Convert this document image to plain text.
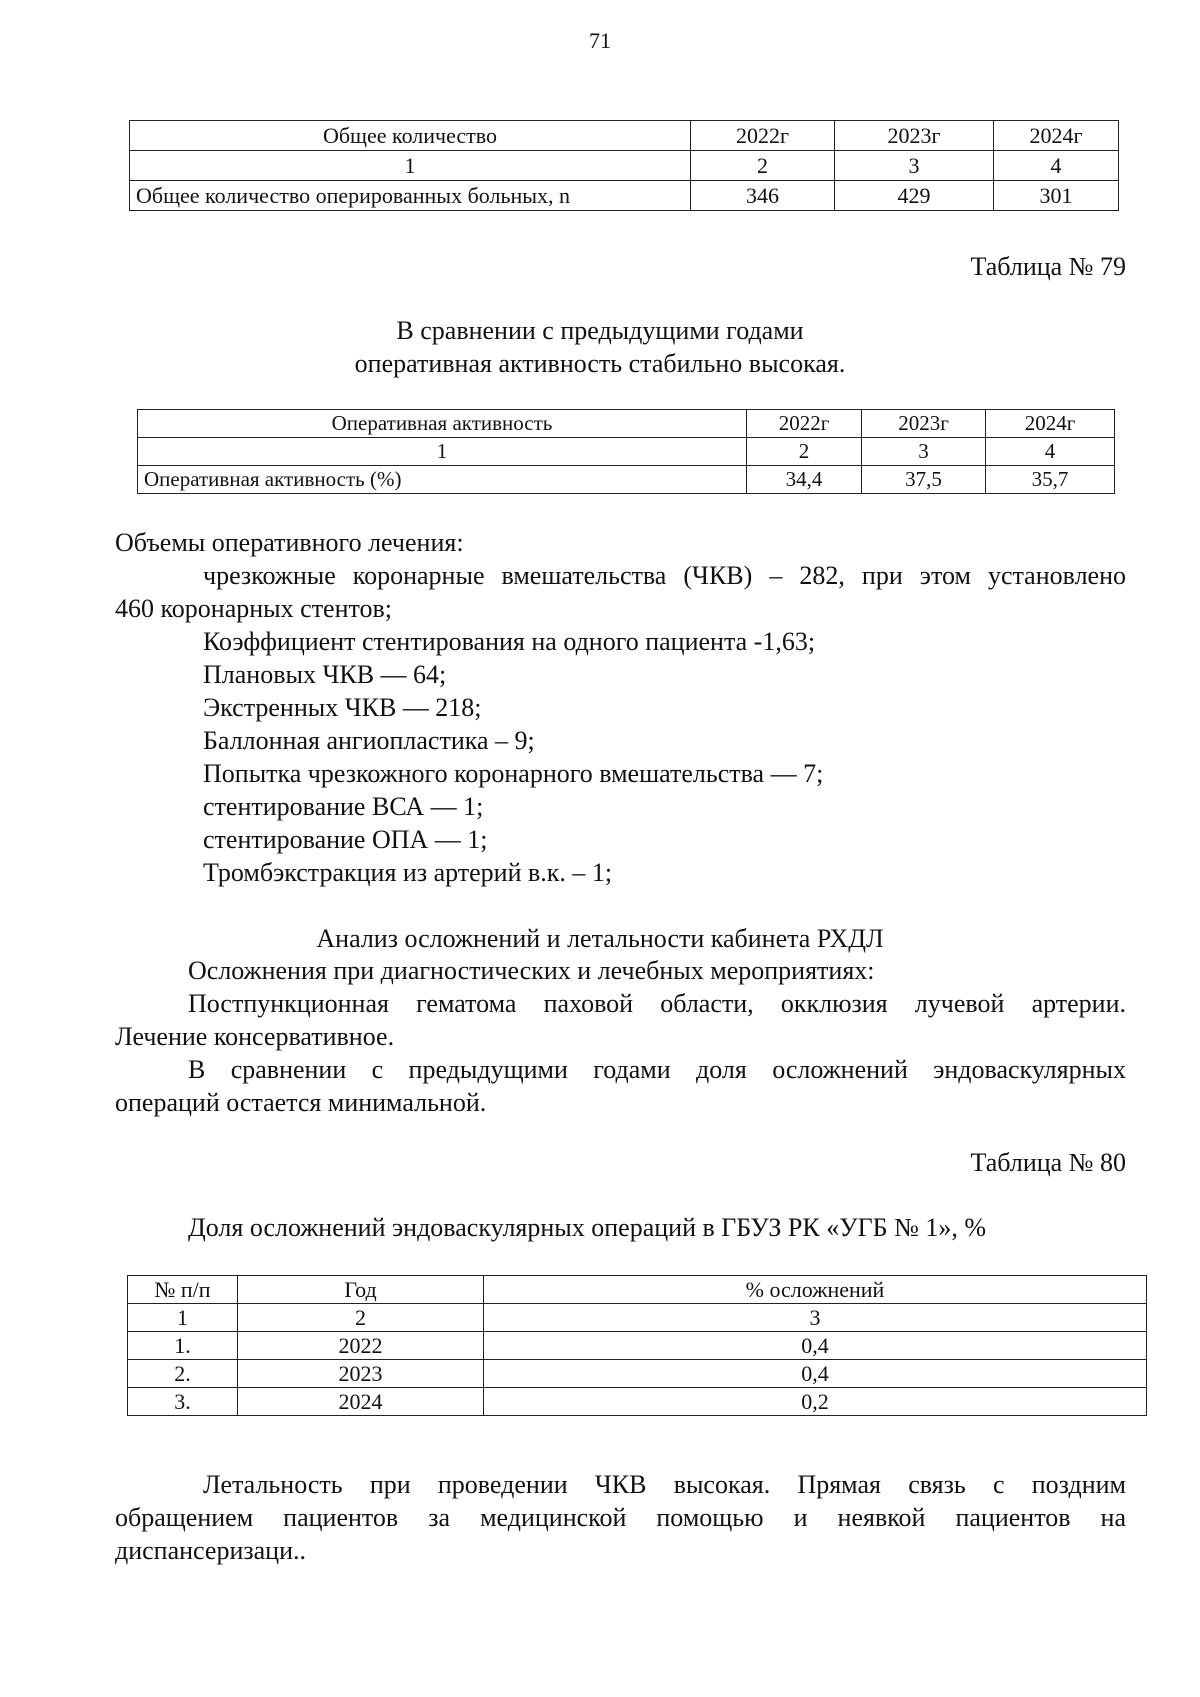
71
Общее количество	2022г	2023г	2024г
1	2	3	4
Общее количество оперированных больных, n	346	429	301
Таблица № 79
В сравнении с предыдущими годами
оперативная активность стабильно высокая.
Оперативная активность	2022г	2023г	2024г
1	2	3	4
Оперативная активность (%)	34,4	37,5	35,7
Объемы оперативного лечения:
чрезкожные коронарные вмешательства (ЧКВ) – 282, при этом установлено
460 коронарных стентов;
Коэффициент стентирования на одного пациента -1,63;
Плановых ЧКВ — 64;
Экстренных ЧКВ — 218;
Баллонная ангиопластика – 9;
Попытка чрезкожного коронарного вмешательства — 7;
стентирование ВСА — 1;
стентирование ОПА — 1;
Тромбэкстракция из артерий в.к. – 1;
Анализ осложнений и летальности кабинета РХДЛ
Осложнения при диагностических и лечебных мероприятиях:
Постпункционная гематома паховой области, окклюзия лучевой артерии.
Лечение консервативное.
В сравнении с предыдущими годами доля осложнений эндоваскулярных
операций остается минимальной.
Таблица № 80
Доля осложнений эндоваскулярных операций в ГБУЗ РК «УГБ № 1», %
№ п/п	Год	% осложнений
1	2	3
1.	2022	0,4
2.	2023	0,4
3.	2024	0,2
Летальность при проведении ЧКВ высокая. Прямая связь с поздним
обращением пациентов за медицинской помощью и неявкой пациентов на
диспансеризаци..
